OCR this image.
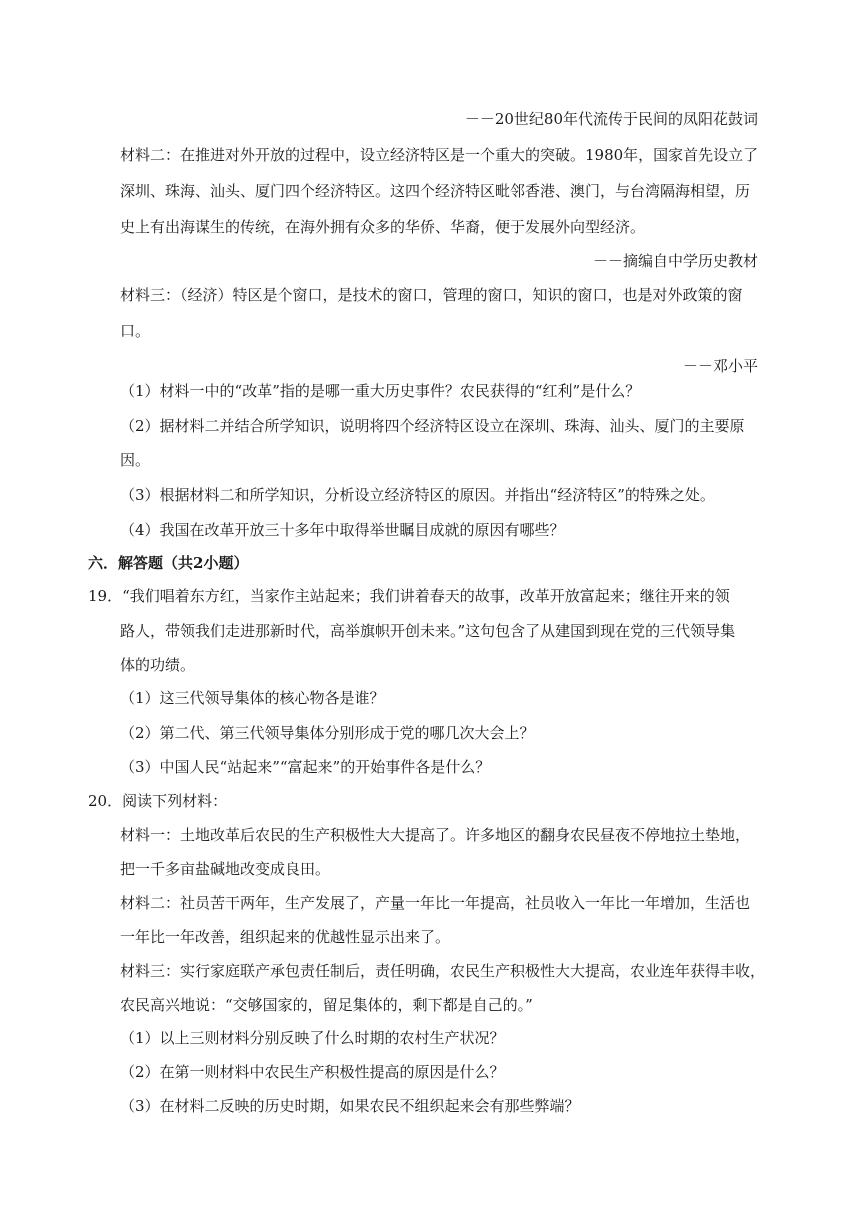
－－20世纪80年代流传于民间的凤阳花鼓词
材料二：在推进对外开放的过程中，设立经济特区是一个重大的突破。1980年，国家首先设立了
深圳、珠海、汕头、厦门四个经济特区。这四个经济特区毗邻香港、澳门，与台湾隔海相望，历
史上有出海谋生的传统，在海外拥有众多的华侨、华裔，便于发展外向型经济。
－－摘编自中学历史教材
材料三：（经济）特区是个窗口，是技术的窗口，管理的窗口，知识的窗口，也是对外政策的窗
口。
－－邓小平
（1）材料一中的“改革”指的是哪一重大历史事件？农民获得的“红利”是什么？
（2）据材料二并结合所学知识，说明将四个经济特区设立在深圳、珠海、汕头、厦门的主要原
因。
（3）根据材料二和所学知识，分析设立经济特区的原因。并指出“经济特区”的特殊之处。
（4）我国在改革开放三十多年中取得举世瞩目成就的原因有哪些？
六．解答题（共2小题）
19．“我们唱着东方红，当家作主站起来；我们讲着春天的故事，改革开放富起来；继往开来的领
路人，带领我们走进那新时代，高举旗帜开创未来。”这句包含了从建国到现在党的三代领导集
体的功绩。
（1）这三代领导集体的核心物各是谁？
（2）第二代、第三代领导集体分别形成于党的哪几次大会上？
（3）中国人民“站起来”“富起来”的开始事件各是什么？
20．阅读下列材料：
材料一：土地改革后农民的生产积极性大大提高了。许多地区的翻身农民昼夜不停地拉土垫地，
把一千多亩盐碱地改变成良田。
材料二：社员苦干两年，生产发展了，产量一年比一年提高，社员收入一年比一年增加，生活也
一年比一年改善，组织起来的优越性显示出来了。
材料三：实行家庭联产承包责任制后，责任明确，农民生产积极性大大提高，农业连年获得丰收，
农民高兴地说：“交够国家的，留足集体的，剩下都是自己的。”
（1）以上三则材料分别反映了什么时期的农村生产状况？
（2）在第一则材料中农民生产积极性提高的原因是什么？
（3）在材料二反映的历史时期，如果农民不组织起来会有那些弊端？
